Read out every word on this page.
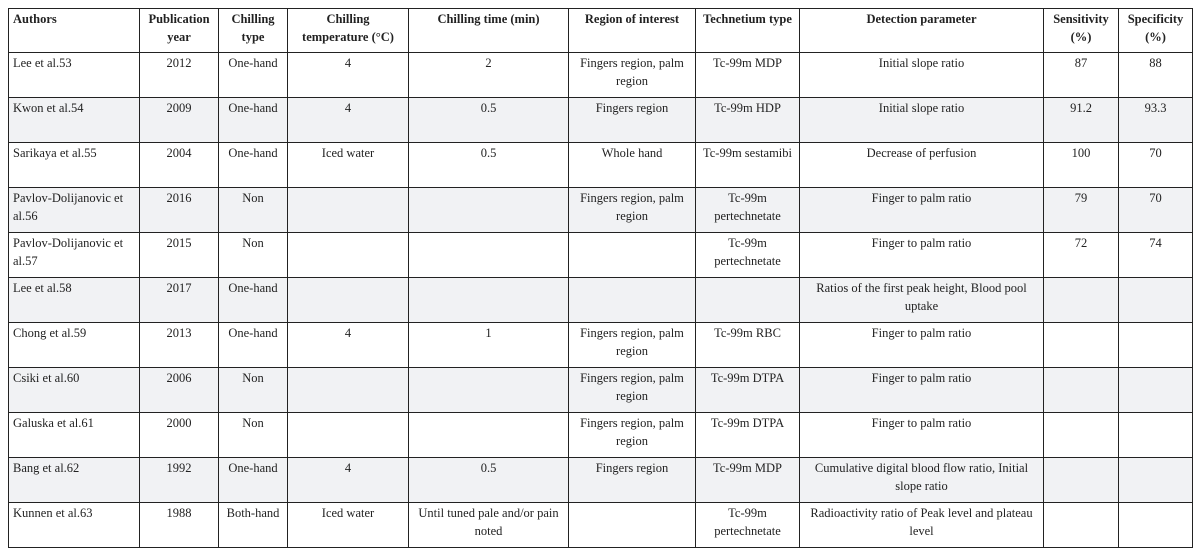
Authors	Publication year	Chilling type	Chilling temperature (°C)	Chilling time (min)	Region of interest	Technetium type	Detection parameter	Sensitivity (%)	Specificity (%)
Lee et al.53	2012	One-hand	4	2	Fingers region, palm region	Tc-99m MDP	Initial slope ratio	87	88
Kwon et al.54	2009	One-hand	4	0.5	Fingers region	Tc-99m HDP	Initial slope ratio	91.2	93.3
Sarikaya et al.55	2004	One-hand	Iced water	0.5	Whole hand	Tc-99m sestamibi	Decrease of perfusion	100	70
Pavlov-Dolijanovic et al.56	2016	Non			Fingers region, palm region	Tc-99m pertechnetate	Finger to palm ratio	79	70
Pavlov-Dolijanovic et al.57	2015	Non				Tc-99m pertechnetate	Finger to palm ratio	72	74
Lee et al.58	2017	One-hand					Ratios of the first peak height, Blood pool uptake		
Chong et al.59	2013	One-hand	4	1	Fingers region, palm region	Tc-99m RBC	Finger to palm ratio		
Csiki et al.60	2006	Non			Fingers region, palm region	Tc-99m DTPA	Finger to palm ratio		
Galuska et al.61	2000	Non			Fingers region, palm region	Tc-99m DTPA	Finger to palm ratio		
Bang et al.62	1992	One-hand	4	0.5	Fingers region	Tc-99m MDP	Cumulative digital blood flow ratio, Initial slope ratio		
Kunnen et al.63	1988	Both-hand	Iced water	Until tuned pale and/or pain noted		Tc-99m pertechnetate	Radioactivity ratio of Peak level and plateau level		
